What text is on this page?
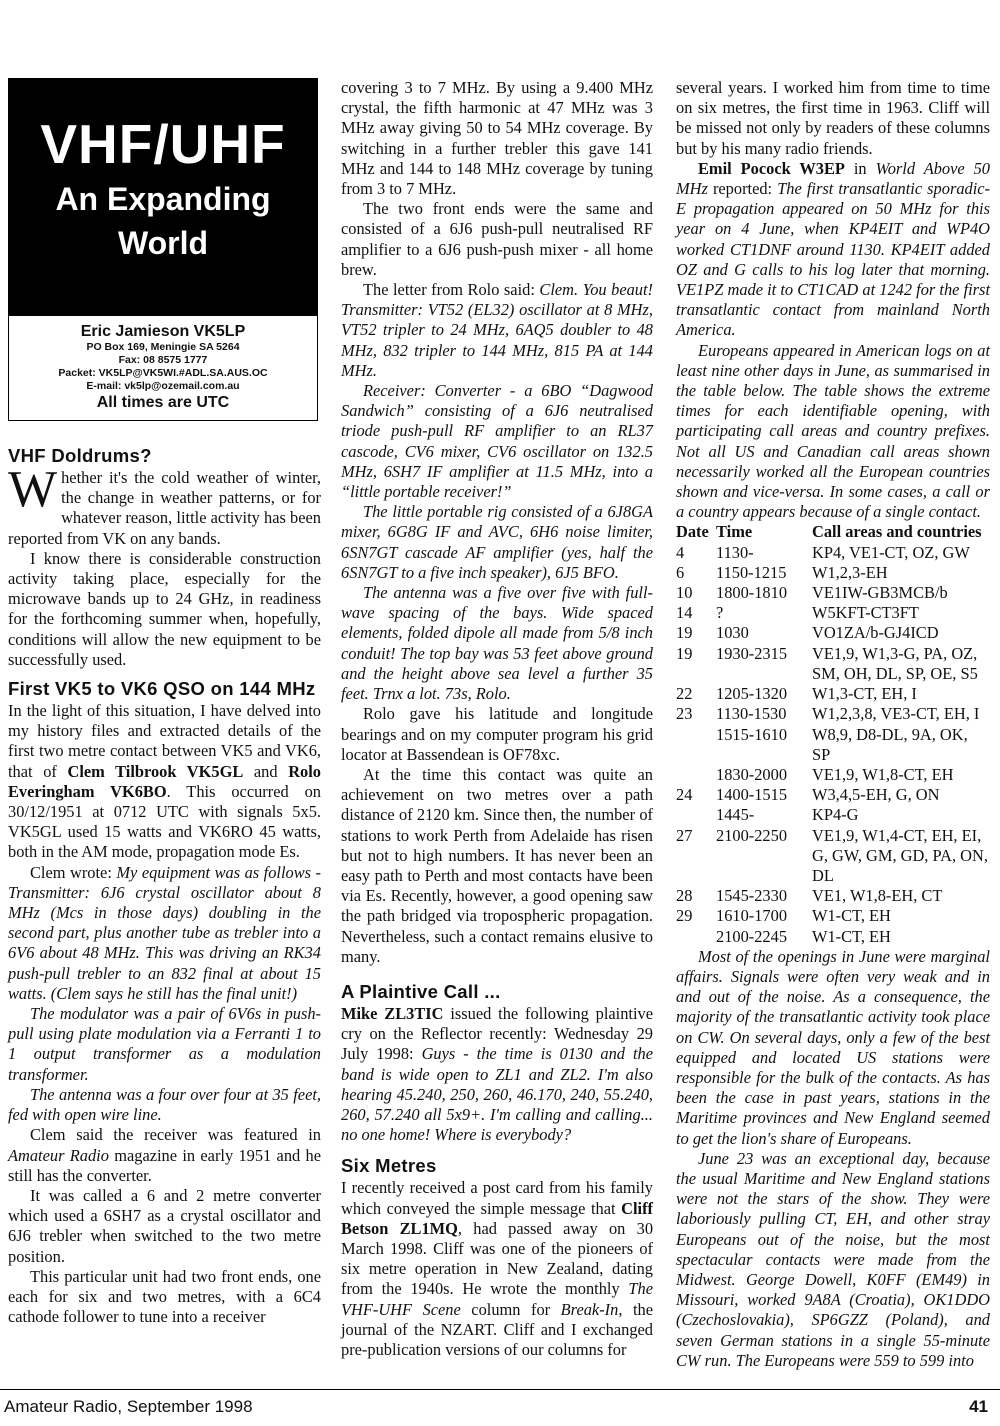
VHF/UHF
An Expanding
World
Eric Jamieson VK5LP
PO Box 169, Meningie SA 5264
Fax: 08 8575 1777
Packet: VK5LP@VK5WI.#ADL.SA.AUS.OC
E-mail: vk5lp@ozemail.com.au
All times are UTC
VHF Doldrums?

Whether it's the cold weather of winter, the change in weather patterns, or for whatever reason, little activity has been reported from VK on any bands.

I know there is considerable construction activity taking place, especially for the microwave bands up to 24 GHz, in readiness for the forthcoming summer when, hopefully, conditions will allow the new equipment to be successfully used.

First VK5 to VK6 QSO on 144 MHz

In the light of this situation, I have delved into my history files and extracted details of the first two metre contact between VK5 and VK6, that of Clem Tilbrook VK5GL and Rolo Everingham VK6BO. This occurred on 30/12/1951 at 0712 UTC with signals 5x5. VK5GL used 15 watts and VK6RO 45 watts, both in the AM mode, propagation mode Es.

Clem wrote: My equipment was as follows - Transmitter: 6J6 crystal oscillator about 8 MHz (Mcs in those days) doubling in the second part, plus another tube as trebler into a 6V6 about 48 MHz. This was driving an RK34 push-pull trebler to an 832 final at about 15 watts. (Clem says he still has the final unit!)

The modulator was a pair of 6V6s in push-pull using plate modulation via a Ferranti 1 to 1 output transformer as a modulation transformer.

The antenna was a four over four at 35 feet, fed with open wire line.

Clem said the receiver was featured in Amateur Radio magazine in early 1951 and he still has the converter.

It was called a 6 and 2 metre converter which used a 6SH7 as a crystal oscillator and 6J6 trebler when switched to the two metre position.

This particular unit had two front ends, one each for six and two metres, with a 6C4 cathode follower to tune into a receiver

covering 3 to 7 MHz. By using a 9.400 MHz crystal, the fifth harmonic at 47 MHz was 3 MHz away giving 50 to 54 MHz coverage. By switching in a further trebler this gave 141 MHz and 144 to 148 MHz coverage by tuning from 3 to 7 MHz.

The two front ends were the same and consisted of a 6J6 push-pull neutralised RF amplifier to a 6J6 push-push mixer - all home brew.

The letter from Rolo said: Clem. You beaut! Transmitter: VT52 (EL32) oscillator at 8 MHz, VT52 tripler to 24 MHz, 6AQ5 doubler to 48 MHz, 832 tripler to 144 MHz, 815 PA at 144 MHz.

Receiver: Converter - a 6BO “Dagwood Sandwich” consisting of a 6J6 neutralised triode push-pull RF amplifier to an RL37 cascode, CV6 mixer, CV6 oscillator on 132.5 MHz, 6SH7 IF amplifier at 11.5 MHz, into a “little portable receiver!”

The little portable rig consisted of a 6J8GA mixer, 6G8G IF and AVC, 6H6 noise limiter, 6SN7GT cascade AF amplifier (yes, half the 6SN7GT to a five inch speaker), 6J5 BFO.

The antenna was a five over five with full-wave spacing of the bays. Wide spaced elements, folded dipole all made from 5/8 inch conduit! The top bay was 53 feet above ground and the height above sea level a further 35 feet. Trnx a lot. 73s, Rolo.

Rolo gave his latitude and longitude bearings and on my computer program his grid locator at Bassendean is OF78xc.

At the time this contact was quite an achievement on two metres over a path distance of 2120 km. Since then, the number of stations to work Perth from Adelaide has risen but not to high numbers. It has never been an easy path to Perth and most contacts have been via Es. Recently, however, a good opening saw the path bridged via tropospheric propagation. Nevertheless, such a contact remains elusive to many.

A Plaintive Call ...

Mike ZL3TIC issued the following plaintive cry on the Reflector recently: Wednesday 29 July 1998: Guys - the time is 0130 and the band is wide open to ZL1 and ZL2. I'm also hearing 45.240, 250, 260, 46.170, 240, 55.240, 260, 57.240 all 5x9+. I'm calling and calling... no one home! Where is everybody?

Six Metres

I recently received a post card from his family which conveyed the simple message that Cliff Betson ZL1MQ, had passed away on 30 March 1998. Cliff was one of the pioneers of six metre operation in New Zealand, dating from the 1940s. He wrote the monthly The VHF-UHF Scene column for Break-In, the journal of the NZART. Cliff and I exchanged pre-publication versions of our columns for

several years. I worked him from time to time on six metres, the first time in 1963. Cliff will be missed not only by readers of these columns but by his many radio friends.

Emil Pocock W3EP in World Above 50 MHz reported: The first transatlantic sporadic-E propagation appeared on 50 MHz for this year on 4 June, when KP4EIT and WP4O worked CT1DNF around 1130. KP4EIT added OZ and G calls to his log later that morning. VE1PZ made it to CT1CAD at 1242 for the first transatlantic contact from mainland North America.

Europeans appeared in American logs on at least nine other days in June, as summarised in the table below. The table shows the extreme times for each identifiable opening, with participating call areas and country prefixes. Not all US and Canadian call areas shown necessarily worked all the European countries shown and vice-versa. In some cases, a call or a country appears because of a single contact.

Date	Time	Call areas and countries
4	1130-	KP4, VE1-CT, OZ, GW
6	1150-1215	W1,2,3-EH
10	1800-1810	VE1IW-GB3MCB/b
14	?	W5KFT-CT3FT
19	1030	VO1ZA/b-GJ4ICD
19	1930-2315	VE1,9, W1,3-G, PA, OZ, SM, OH, DL, SP, OE, S5
22	1205-1320	W1,3-CT, EH, I
23	1130-1530	W1,2,3,8, VE3-CT, EH, I
	1515-1610	W8,9, D8-DL, 9A, OK, SP
	1830-2000	VE1,9, W1,8-CT, EH
24	1400-1515	W3,4,5-EH, G, ON
	1445-	KP4-G
27	2100-2250	VE1,9, W1,4-CT, EH, EI, G, GW, GM, GD, PA, ON, DL
28	1545-2330	VE1, W1,8-EH, CT
29	1610-1700	W1-CT, EH
	2100-2245	W1-CT, EH

Most of the openings in June were marginal affairs. Signals were often very weak and in and out of the noise. As a consequence, the majority of the transatlantic activity took place on CW. On several days, only a few of the best equipped and located US stations were responsible for the bulk of the contacts. As has been the case in past years, stations in the Maritime provinces and New England seemed to get the lion's share of Europeans.

June 23 was an exceptional day, because the usual Maritime and New England stations were not the stars of the show. They were laboriously pulling CT, EH, and other stray Europeans out of the noise, but the most spectacular contacts were made from the Midwest. George Dowell, K0FF (EM49) in Missouri, worked 9A8A (Croatia), OK1DDO (Czechoslovakia), SP6GZZ (Poland), and seven German stations in a single 55-minute CW run. The Europeans were 559 to 599 into

Amateur Radio, September 1998	41
